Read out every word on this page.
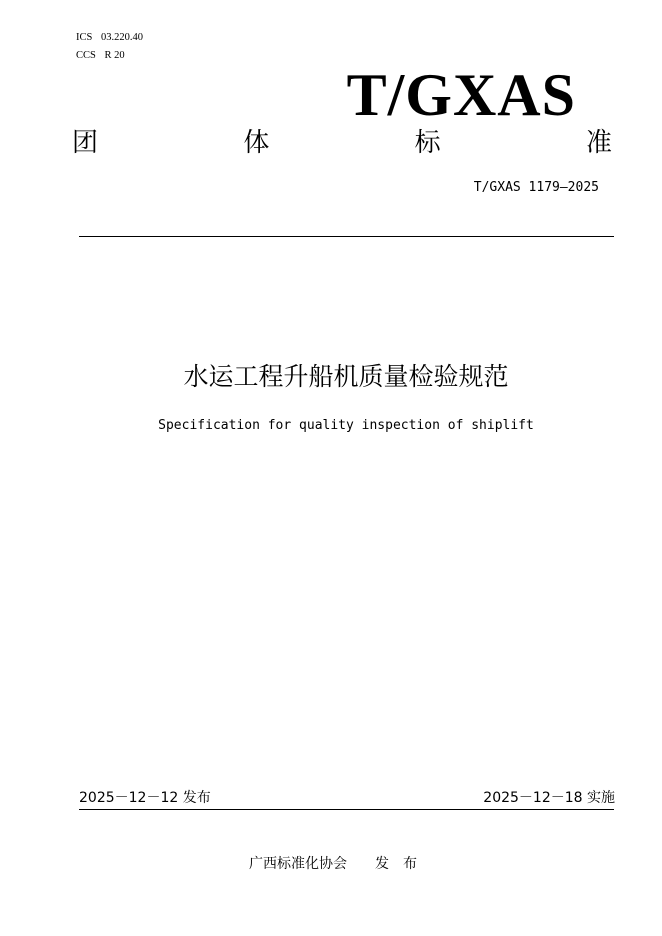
ICS 03.220.40
CCS R 20
T/GXAS
团	体	标	准
T/GXAS 1179—2025
水运工程升船机质量检验规范
Specification for quality inspection of shiplift
2025－12－12 发布	2025－12－18 实施
广西标准化协会 发布
